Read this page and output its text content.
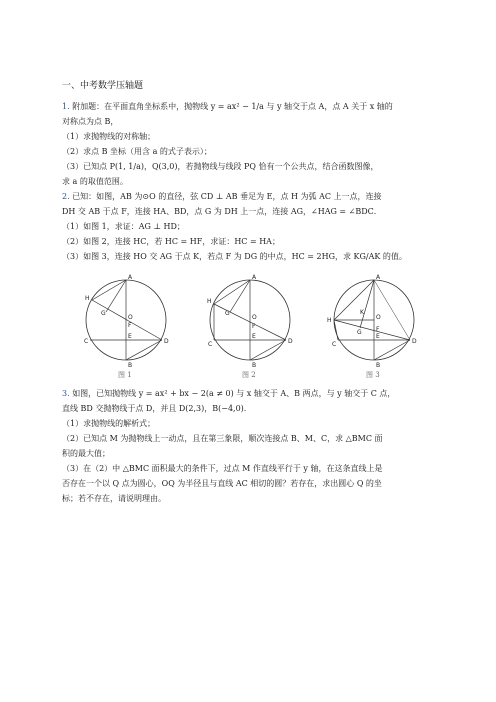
一、中考数学压轴题

1. 附加题：在平面直角坐标系中，抛物线 y = ax² − 1/a 与 y 轴交于点 A，点 A 关于 x 轴的

对称点为点 B，

（1）求抛物线的对称轴；

（2）求点 B 坐标（用含 a 的式子表示）；

（3）已知点 P(1, 1/a)，Q(3,0)，若抛物线与线段 PQ 恰有一个公共点，结合函数图像，

求 a 的取值范围。

2. 已知：如图，AB 为⊙O 的直径，弦 CD ⊥ AB 垂足为 E，点 H 为弧 AC 上一点，连接

DH 交 AB 于点 F，连接 HA、BD，点 G 为 DH 上一点，连接 AG，∠HAG = ∠BDC．

（1）如图 1，求证：AG ⊥ HD；

（2）如图 2，连接 HC，若 HC = HF，求证：HC = HA；

（3）如图 3，连接 HO 交 AG 于点 K，若点 F 为 DG 的中点，HC = 2HG，求 KG/AK 的值。

A
B
C	D
E
F
G
H
O
图 1
A
B
C	D
E
F
G
H
O
图 2
A
B
C	D
E
F
G
H	O
K
图 3

3. 如图，已知抛物线 y = ax² + bx − 2(a ≠ 0) 与 x 轴交于 A、B 两点，与 y 轴交于 C 点，

直线 BD 交抛物线于点 D，并且 D(2,3)，B(−4,0)．

（1）求抛物线的解析式；

（2）已知点 M 为抛物线上一动点，且在第三象限，顺次连接点 B、M、C，求 △BMC 面

积的最大值；

（3）在（2）中 △BMC 面积最大的条件下，过点 M 作直线平行于 y 轴，在这条直线上是

否存在一个以 Q 点为圆心，OQ 为半径且与直线 AC 相切的圆？若存在，求出圆心 Q 的坐

标；若不存在，请说明理由。
